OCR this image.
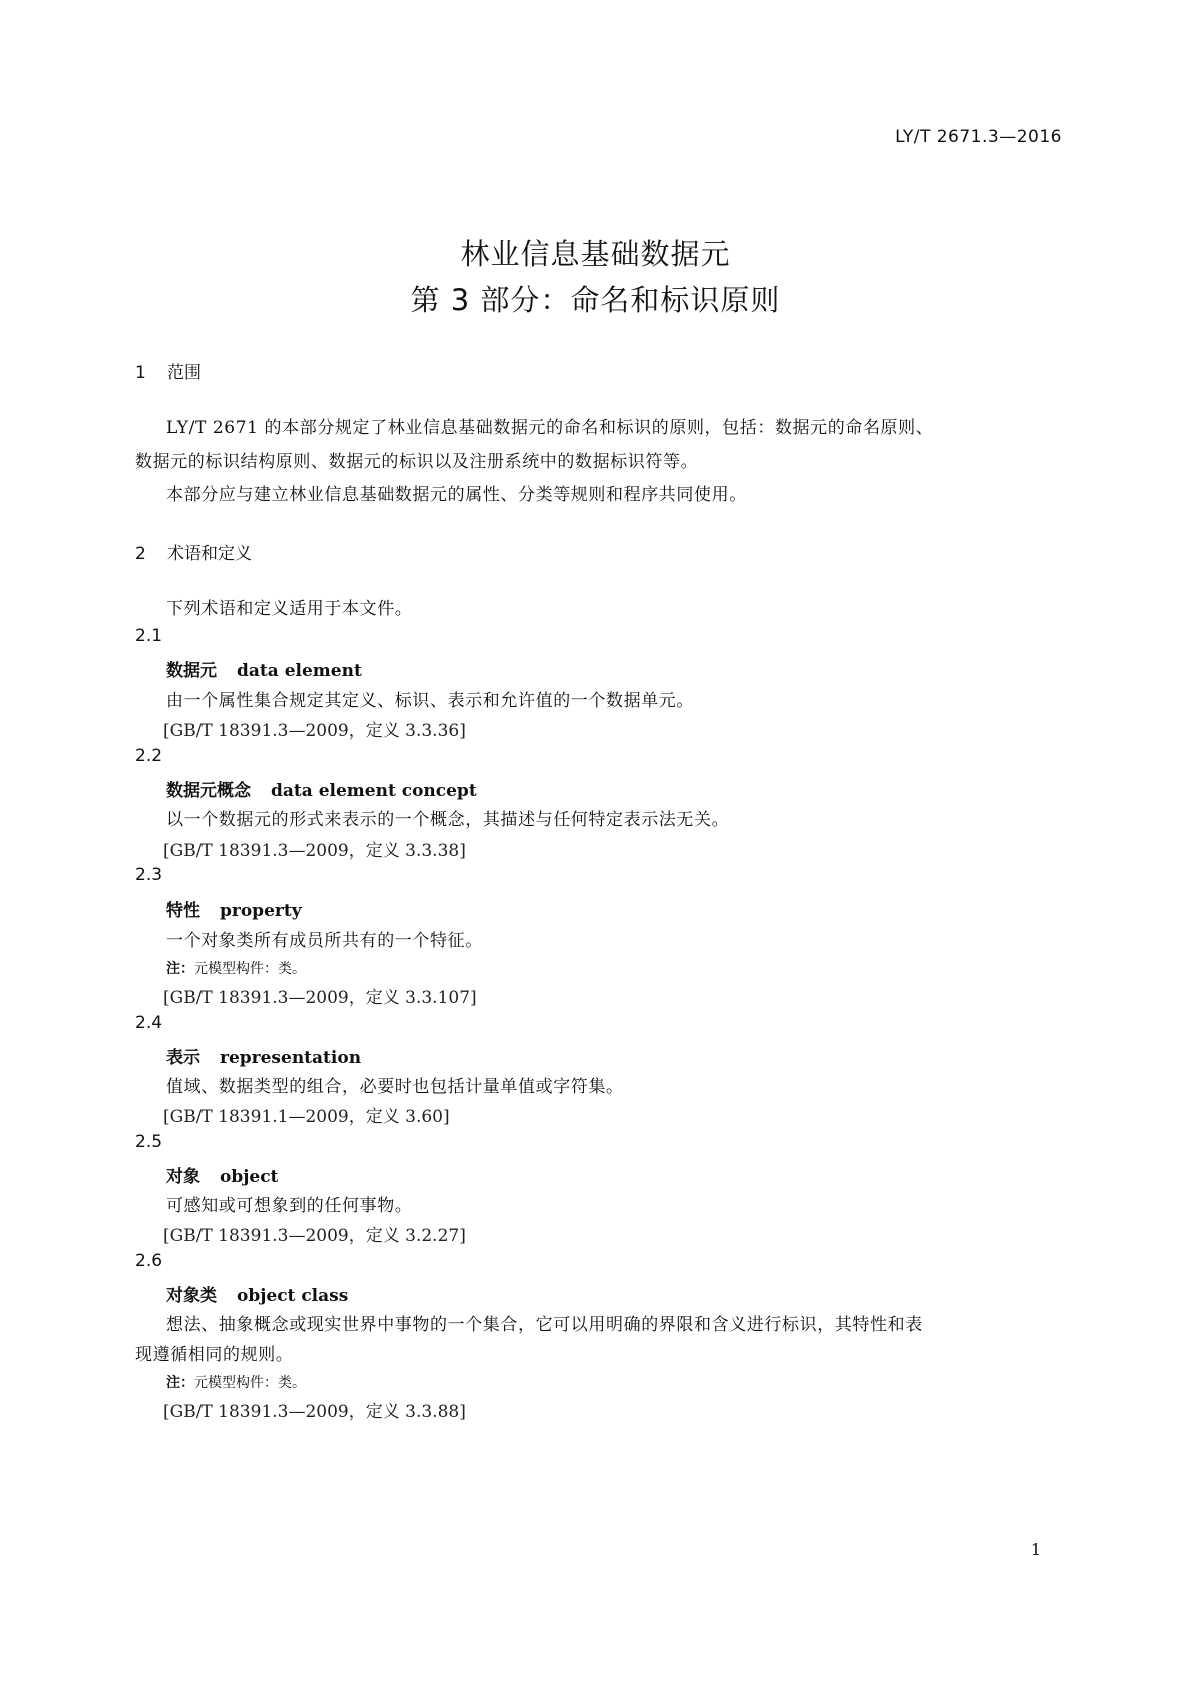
LY/T 2671.3—2016
林业信息基础数据元
第 3 部分：命名和标识原则
1 范围
LY/T 2671 的本部分规定了林业信息基础数据元的命名和标识的原则，包括：数据元的命名原则、
数据元的标识结构原则、数据元的标识以及注册系统中的数据标识符等。
本部分应与建立林业信息基础数据元的属性、分类等规则和程序共同使用。
2 术语和定义
下列术语和定义适用于本文件。
2.1
数据元 data element
由一个属性集合规定其定义、标识、表示和允许值的一个数据单元。
[GB/T 18391.3—2009，定义 3.3.36]
2.2
数据元概念 data element concept
以一个数据元的形式来表示的一个概念，其描述与任何特定表示法无关。
[GB/T 18391.3—2009，定义 3.3.38]
2.3
特性 property
一个对象类所有成员所共有的一个特征。
注：元模型构件：类。
[GB/T 18391.3—2009，定义 3.3.107]
2.4
表示 representation
值域、数据类型的组合，必要时也包括计量单值或字符集。
[GB/T 18391.1—2009，定义 3.60]
2.5
对象 object
可感知或可想象到的任何事物。
[GB/T 18391.3—2009，定义 3.2.27]
2.6
对象类 object class
想法、抽象概念或现实世界中事物的一个集合，它可以用明确的界限和含义进行标识，其特性和表
现遵循相同的规则。
注：元模型构件：类。
[GB/T 18391.3—2009，定义 3.3.88]
1
